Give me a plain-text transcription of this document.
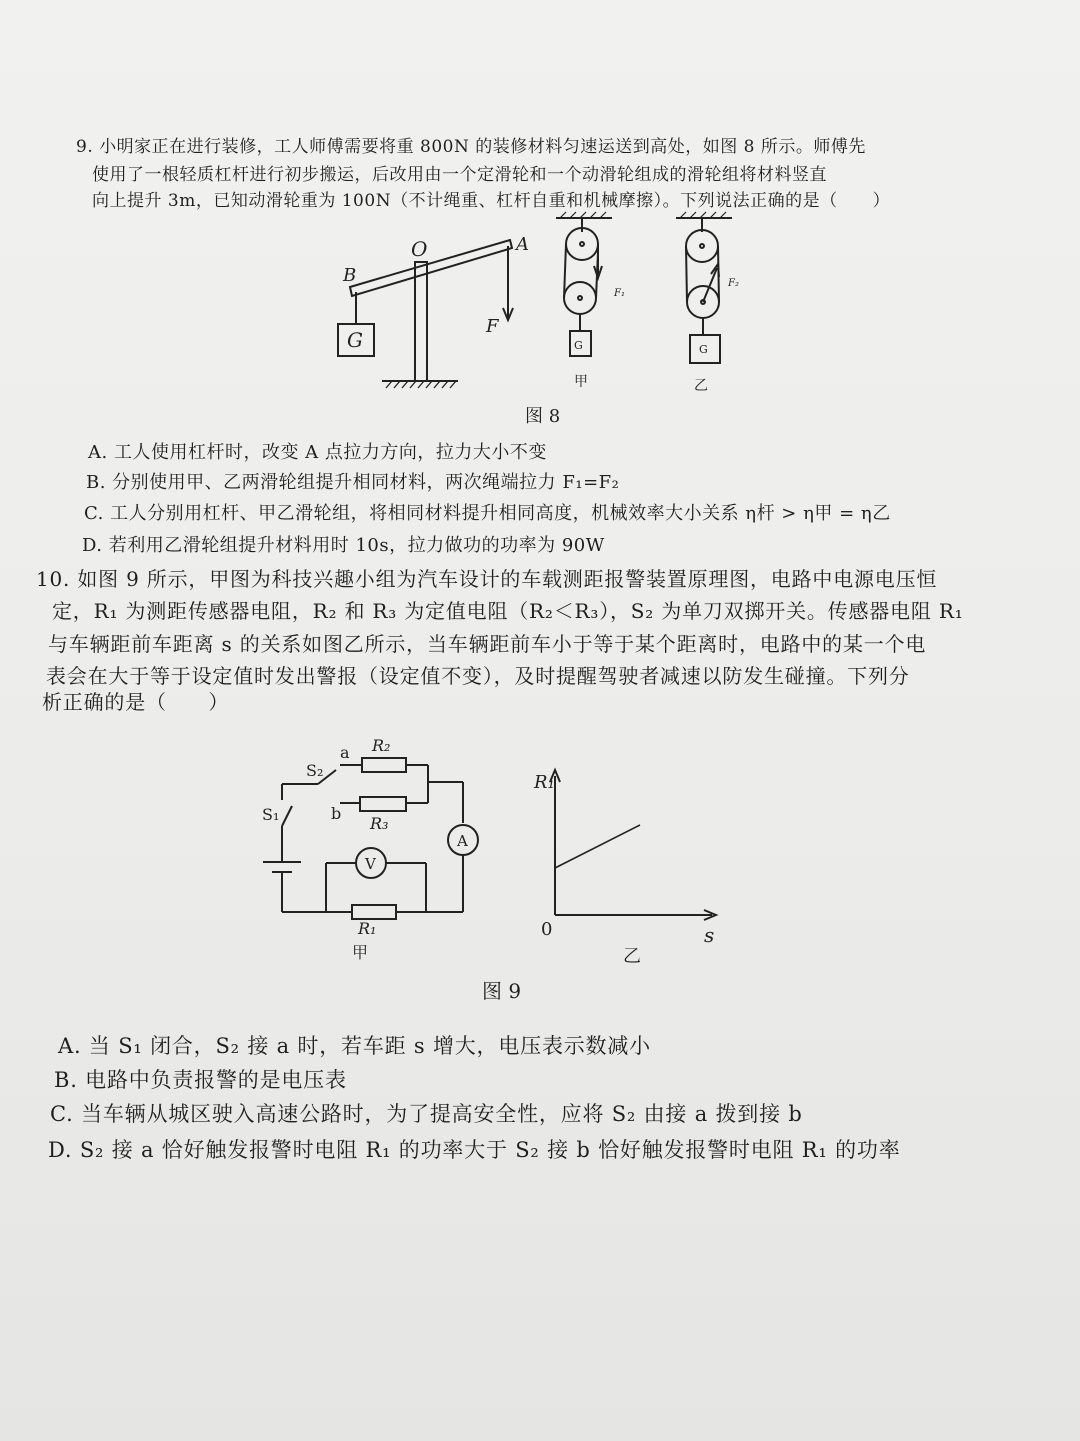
9. 小明家正在进行装修，工人师傅需要将重 800N 的装修材料匀速运送到高处，如图 8 所示。师傅先
使用了一根轻质杠杆进行初步搬运，后改用由一个定滑轮和一个动滑轮组成的滑轮组将材料竖直
向上提升 3m，已知动滑轮重为 100N（不计绳重、杠杆自重和机械摩擦）。下列说法正确的是（　　）
O	A
B
G
F
G
F₁
甲
G
F₂
乙
图 8
A. 工人使用杠杆时，改变 A 点拉力方向，拉力大小不变
B. 分别使用甲、乙两滑轮组提升相同材料，两次绳端拉力 F₁=F₂
C. 工人分别用杠杆、甲乙滑轮组，将相同材料提升相同高度，机械效率大小关系 η杆 > η甲 = η乙
D. 若利用乙滑轮组提升材料用时 10s，拉力做功的功率为 90W
10. 如图 9 所示，甲图为科技兴趣小组为汽车设计的车载测距报警装置原理图，电路中电源电压恒
定，R₁ 为测距传感器电阻，R₂ 和 R₃ 为定值电阻（R₂＜R₃），S₂ 为单刀双掷开关。传感器电阻 R₁
与车辆距前车距离 s 的关系如图乙所示，当车辆距前车小于等于某个距离时，电路中的某一个电
表会在大于等于设定值时发出警报（设定值不变），及时提醒驾驶者减速以防发生碰撞。下列分
析正确的是（　　）
a
b
R₂
R₃
R₁
S₂
S₁
V
A
甲
R₁
0	s
乙
图 9
A. 当 S₁ 闭合，S₂ 接 a 时，若车距 s 增大，电压表示数减小
B. 电路中负责报警的是电压表
C. 当车辆从城区驶入高速公路时，为了提高安全性，应将 S₂ 由接 a 拨到接 b
D. S₂ 接 a 恰好触发报警时电阻 R₁ 的功率大于 S₂ 接 b 恰好触发报警时电阻 R₁ 的功率
